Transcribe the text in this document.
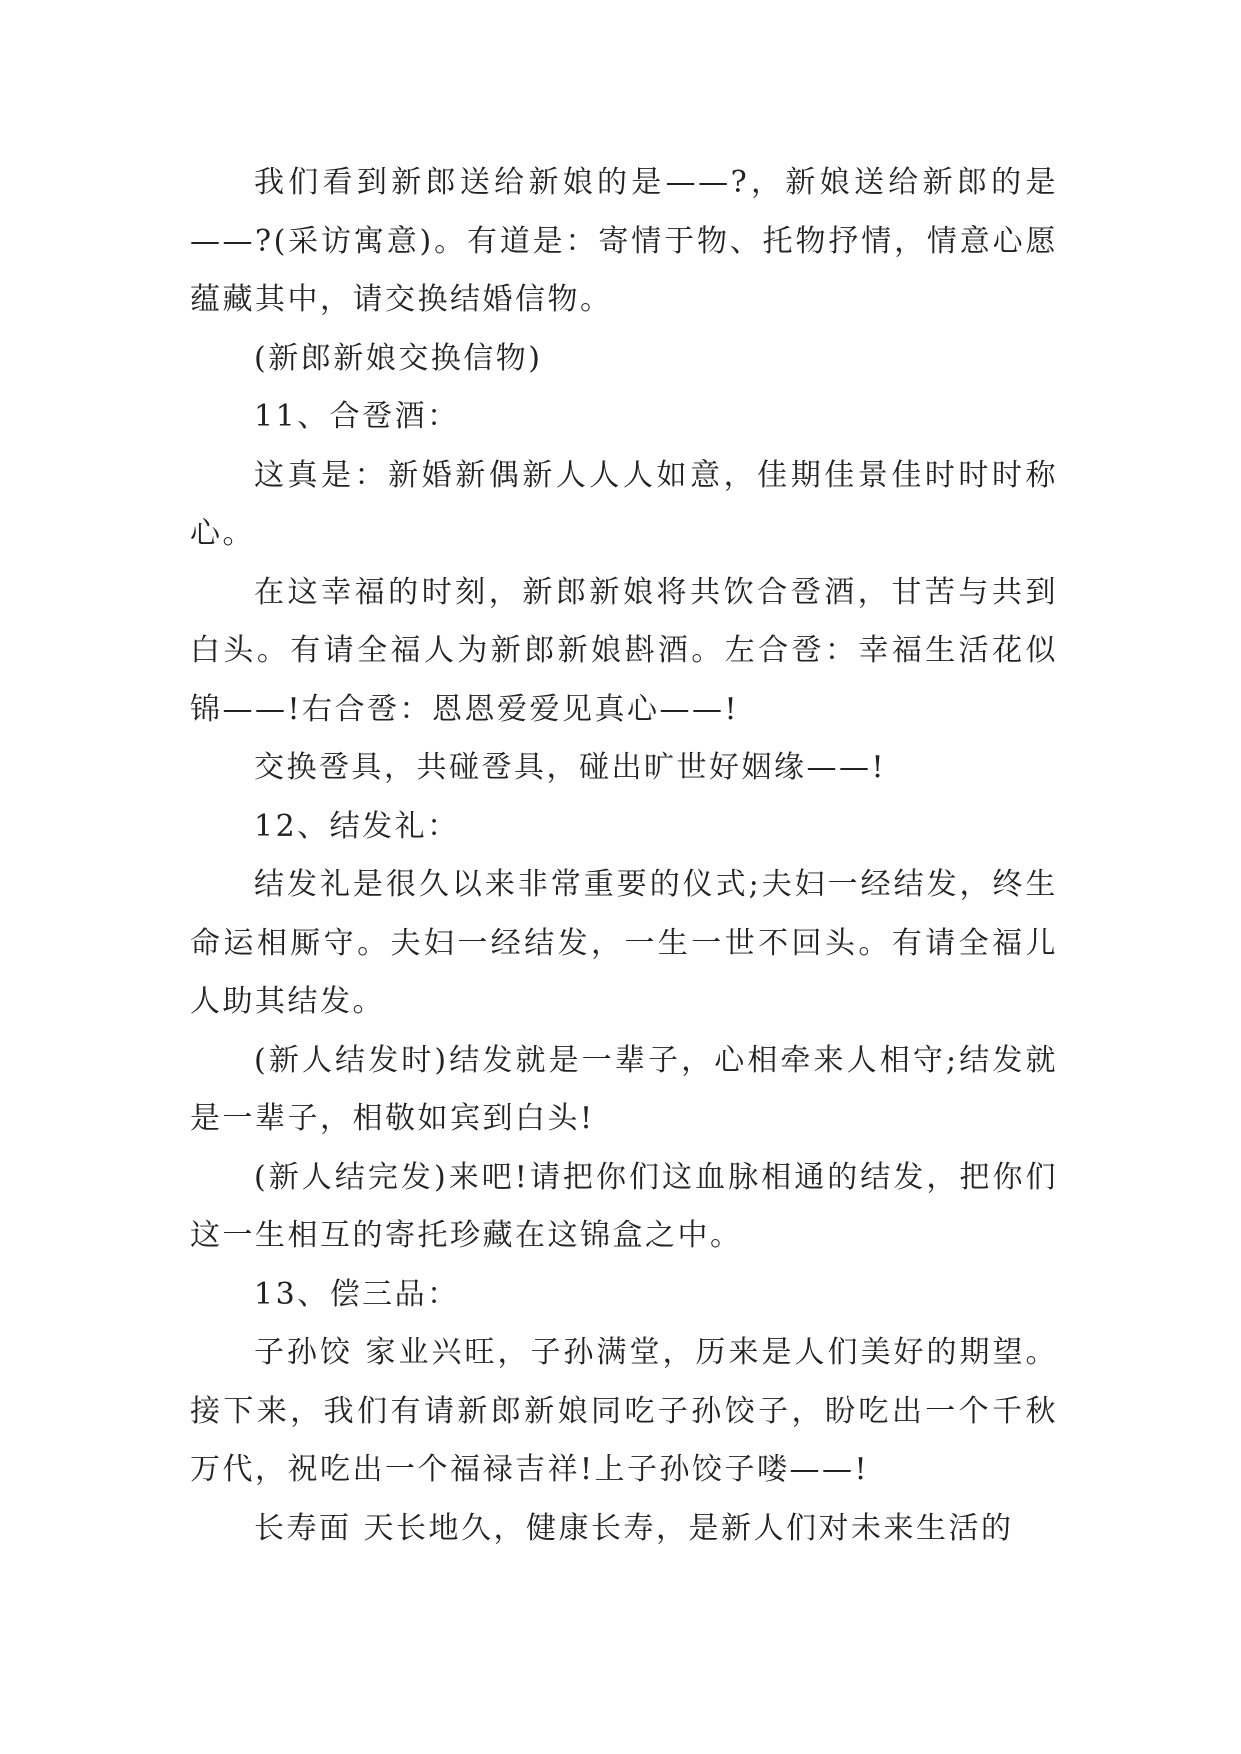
我们看到新郎送给新娘的是——?，新娘送给新郎的是——?(采访寓意)。有道是：寄情于物、托物抒情，情意心愿蕴藏其中，请交换结婚信物。

(新郎新娘交换信物)

11、合卺酒：

这真是：新婚新偶新人人人如意，佳期佳景佳时时时称心。

在这幸福的时刻，新郎新娘将共饮合卺酒，甘苦与共到白头。有请全福人为新郎新娘斟酒。左合卺：幸福生活花似锦——!右合卺：恩恩爱爱见真心——!

交换卺具，共碰卺具，碰出旷世好姻缘——!

12、结发礼：

结发礼是很久以来非常重要的仪式;夫妇一经结发，终生命运相厮守。夫妇一经结发，一生一世不回头。有请全福儿人助其结发。

(新人结发时)结发就是一辈子，心相牵来人相守;结发就是一辈子，相敬如宾到白头!

(新人结完发)来吧!请把你们这血脉相通的结发，把你们这一生相互的寄托珍藏在这锦盒之中。

13、偿三品：

子孙饺 家业兴旺，子孙满堂，历来是人们美好的期望。接下来，我们有请新郎新娘同吃子孙饺子，盼吃出一个千秋万代，祝吃出一个福禄吉祥!上子孙饺子喽——!

长寿面 天长地久，健康长寿，是新人们对未来生活的
